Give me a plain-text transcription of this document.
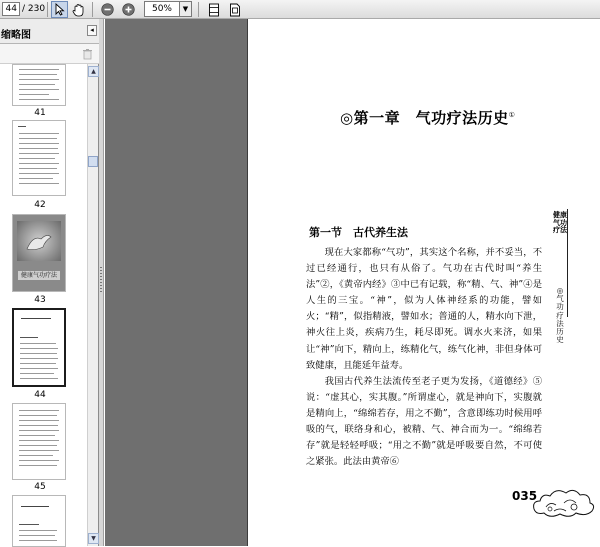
44 / 230	50%	▼
缩略图	◂
41
42
健康气功疗法
43
44
45
▲
▼
◎第一章　气功疗法历史①
第一节　古代养生法

现在大家都称“气功”，其实这个名称，并不妥当，不过已经通行，也只有从俗了。气功在古代时叫“养生法”②，《黄帝内经》③中已有记载，称“精、气、神”④是人生的三宝。“神”，似为人体神经系的功能，譬如火；“精”，似指精液，譬如水；普通的人，精水向下泄，神火往上炎，疾病乃生，耗尽即死。调水火来济，如果让“神”向下，精向上，练精化气，练气化神，非但身体可致健康，且能延年益寿。

我国古代养生法流传至老子更为发扬，《道德经》⑤说：“虚其心，实其腹。”所谓虚心，就是神向下，实腹就是精向上，“绵绵若存，用之不勤”，含意即练功时候用呼吸的气，联络身和心，被精、气、神合而为一。“绵绵若存”就是轻轻呼吸；“用之不勤”就是呼吸要自然，不可使之紧张。此法由黄帝⑥

健康气功疗法
◎气功疗法历史
035
